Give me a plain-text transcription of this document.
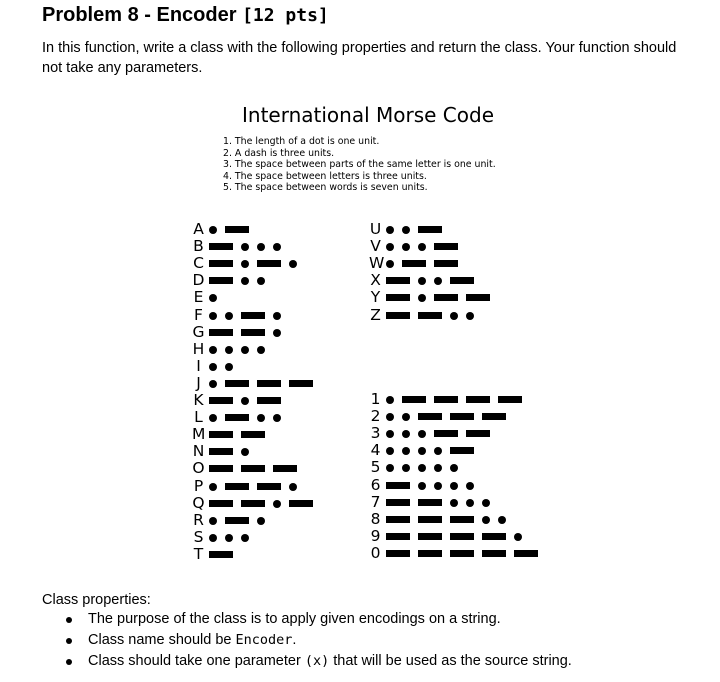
Problem 8 - Encoder [12 pts]
In this function, write a class with the following properties and return the class. Your function should not take any parameters.
International Morse Code
1. The length of a dot is one unit.
2. A dash is three units.
3. The space between parts of the same letter is one unit.
4. The space between letters is three units.
5. The space between words is seven units.
A
B
C
D
E
F
G
H
I
J
K
L
M
N
O
P
Q
R
S
T
U
V
W
X
Y
Z
1
2
3
4
5
6
7
8
9
0
Class properties:
The purpose of the class is to apply given encodings on a string.
Class name should be Encoder.
Class should take one parameter (x) that will be used as the source string.
